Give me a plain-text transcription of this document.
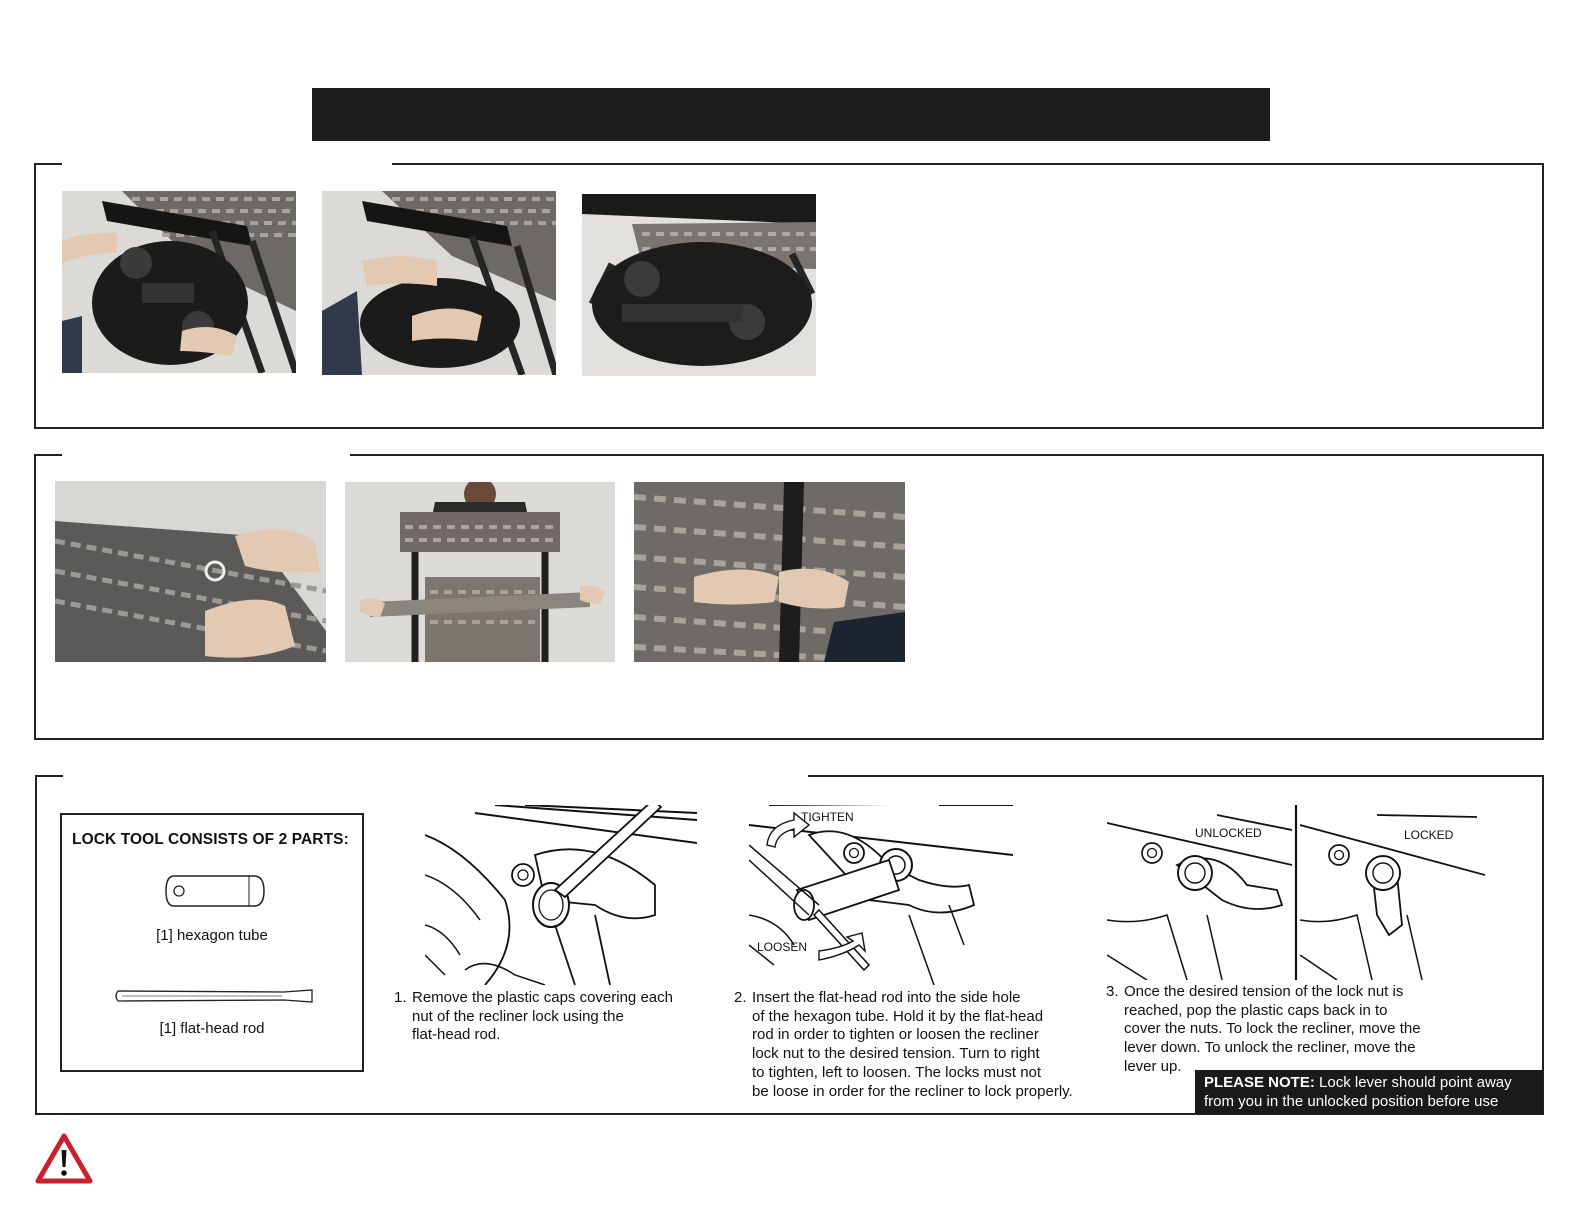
LOCK TOOL CONSISTS OF 2 PARTS:
[1] hexagon tube
[1] flat-head rod
TIGHTEN
LOOSEN
UNLOCKED	LOCKED
1. Remove the plastic caps covering each
nut of the recliner lock using the
flat-head rod.
2. Insert the flat-head rod into the side hole
of the hexagon tube. Hold it by the flat-head
rod in order to tighten or loosen the recliner
lock nut to the desired tension. Turn to right
to tighten, left to loosen. The locks must not
be loose in order for the recliner to lock properly.
3. Once the desired tension of the lock nut is
reached, pop the plastic caps back in to
cover the nuts. To lock the recliner, move the
lever down. To unlock the recliner, move the
lever up.
PLEASE NOTE: Lock lever should point away
from you in the unlocked position before use
